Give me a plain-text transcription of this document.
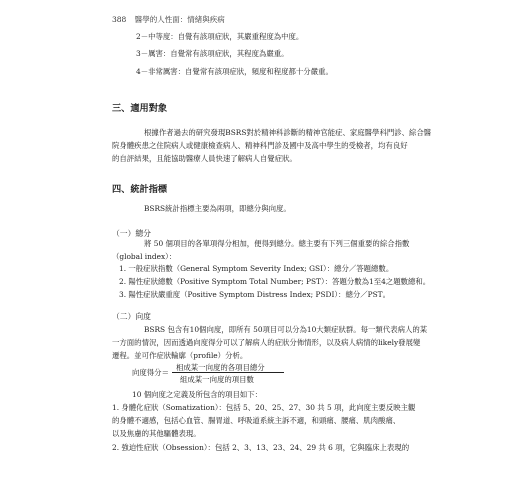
388 醫學的人性面：情緒與疾病
2－中等度：自覺有該項症狀，其嚴重程度為中度。
3－厲害：自覺常有該項症狀，其程度為嚴重。
4－非常厲害：自覺常有該項症狀，頻度和程度都十分嚴重。
三、適用對象
根據作者過去的研究發現BSRS對於精神科診斷的精神官能症、家庭醫學科門診、綜合醫
院身體疾患之住院病人或健康檢查病人、精神科門診及國中及高中學生的受檢者，均有良好
的自評結果，且能協助醫療人員快速了解病人自覺症狀。
四、統計指標
BSRS統計指標主要為兩項，即總分與向度。
（一）總分
將 50 個項目的各單項得分相加，便得到總分。總主要有下列三個重要的綜合指數
（global index）：
1. 一般症狀指數（General Symptom Severity Index; GSI）：總分／答題總數。
2. 陽性症狀總數（Positive Symptom Total Number; PST）：答題分數為1至4之題數總和。
3. 陽性症狀嚴重度（Positive Symptom Distress Index; PSDI）：總分／PST。
（二）向度
BSRS 包含有10個向度，即所有 50項目可以分為10大類症狀群。每一類代表病人的某
一方面的情況，因而透過向度得分可以了解病人的症狀分佈情形，以及病人病情的likely發展變
遷程。並可作症狀輪廓（profile）分析。
向度得分＝
相成某一向度的各項目總分
組成某一向度的項目數
10 個向度之定義及所包含的項目如下：
1. 身體化症狀（Somatization）：包括 5、20、25、27、30 共 5 項，此向度主要反映主觀
的身體不適感，包括心血管、腸胃道、呼吸道系統主訴不適，和頭痛、腰痛、肌肉酸痛、
以及焦慮的其他驅體表現。
2. 強迫性症狀（Obsession）：包括 2、3、13、23、24、29 共 6 項，它與臨床上表現的
